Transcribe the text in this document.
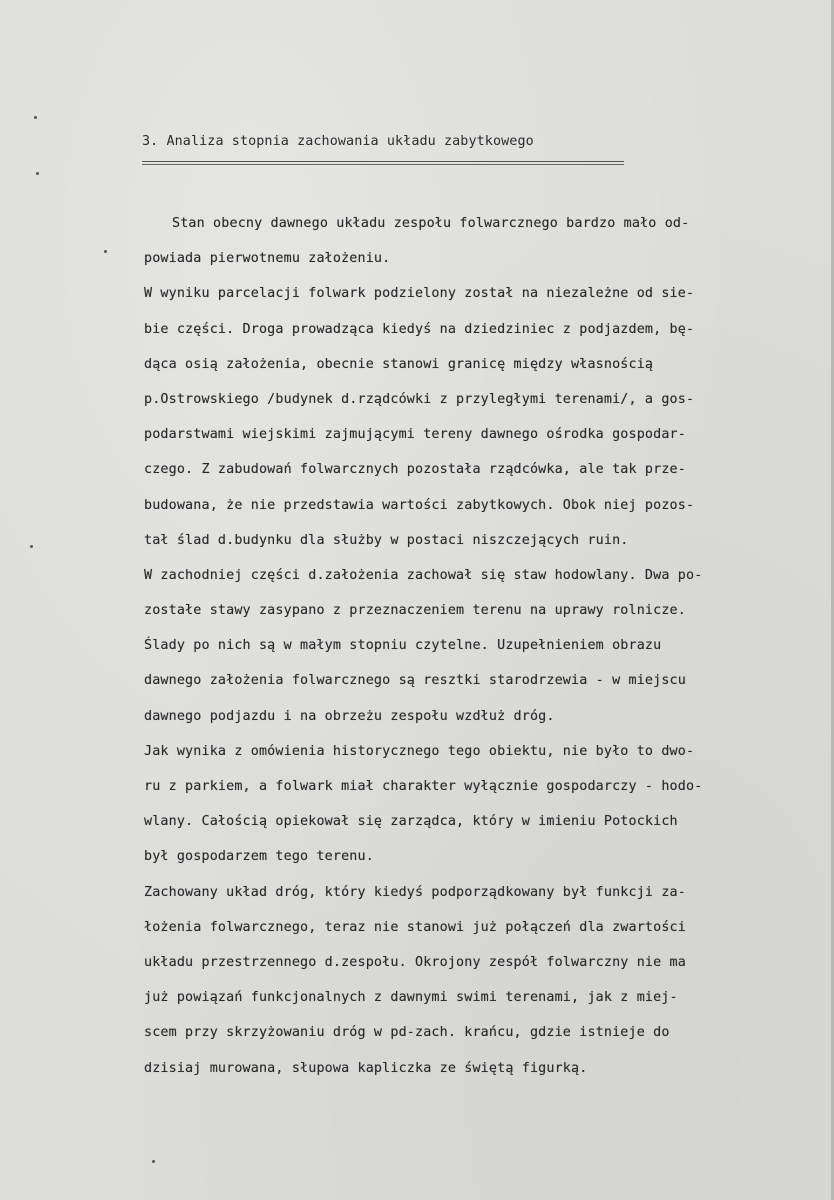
3. Analiza stopnia zachowania układu zabytkowego
Stan obecny dawnego układu zespołu folwarcznego bardzo mało od-
powiada pierwotnemu założeniu.
W wyniku parcelacji folwark podzielony został na niezależne od sie-
bie części. Droga prowadząca kiedyś na dziedziniec z podjazdem, bę-
dąca osią założenia, obecnie stanowi granicę między własnością
p.Ostrowskiego /budynek d.rządcówki z przyległymi terenami/, a gos-
podarstwami wiejskimi zajmującymi tereny dawnego ośrodka gospodar-
czego. Z zabudowań folwarcznych pozostała rządcówka, ale tak prze-
budowana, że nie przedstawia wartości zabytkowych. Obok niej pozos-
tał ślad d.budynku dla służby w postaci niszczejących ruin.
W zachodniej części d.założenia zachował się staw hodowlany. Dwa po-
zostałe stawy zasypano z przeznaczeniem terenu na uprawy rolnicze.
Ślady po nich są w małym stopniu czytelne. Uzupełnieniem obrazu
dawnego założenia folwarcznego są resztki starodrzewia - w miejscu
dawnego podjazdu i na obrzeżu zespołu wzdłuż dróg.
Jak wynika z omówienia historycznego tego obiektu, nie było to dwo-
ru z parkiem, a folwark miał charakter wyłącznie gospodarczy - hodo-
wlany. Całością opiekował się zarządca, który w imieniu Potockich
był gospodarzem tego terenu.
Zachowany układ dróg, który kiedyś podporządkowany był funkcji za-
łożenia folwarcznego, teraz nie stanowi już połączeń dla zwartości
układu przestrzennego d.zespołu. Okrojony zespół folwarczny nie ma
już powiązań funkcjonalnych z dawnymi swimi terenami, jak z miej-
scem przy skrzyżowaniu dróg w pd-zach. krańcu, gdzie istnieje do
dzisiaj murowana, słupowa kapliczka ze świętą figurką.
